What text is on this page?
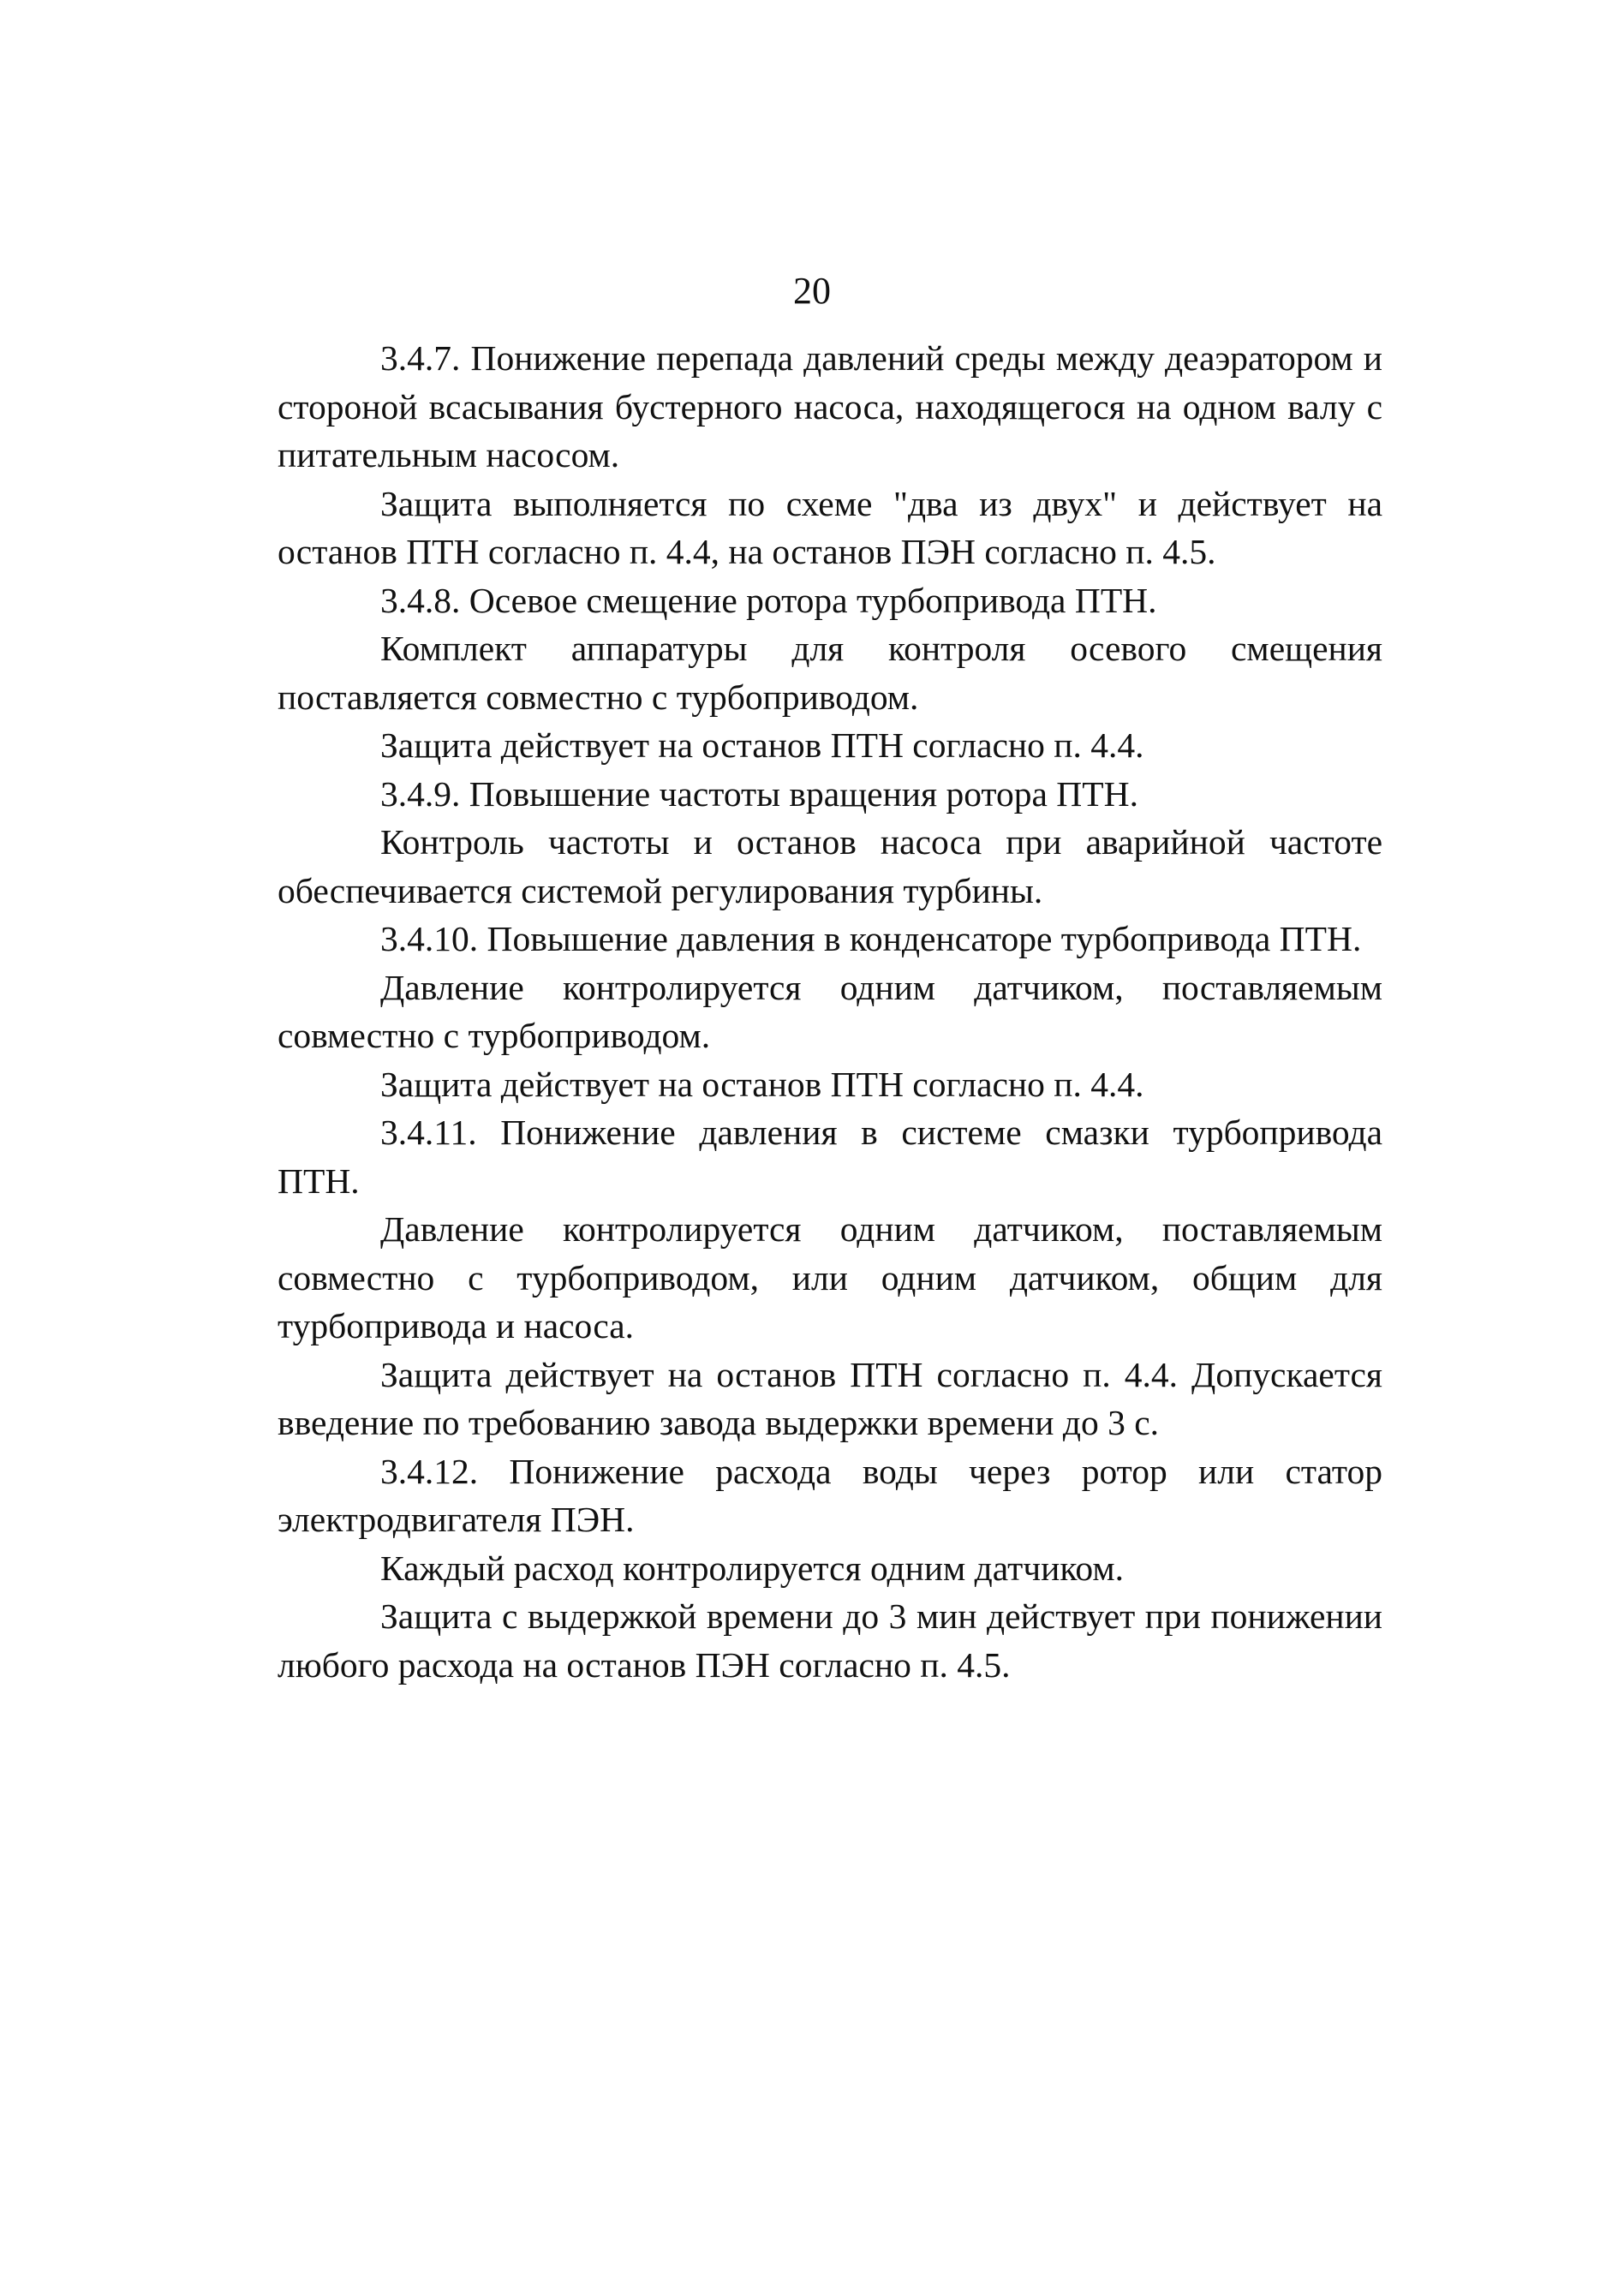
20

3.4.7. Понижение перепада давлений среды между деаэратором и стороной всасывания бустерного насоса, находящегося на одном валу с питательным насосом.

Защита выполняется по схеме "два из двух" и действует на останов ПТН согласно п. 4.4, на останов ПЭН согласно п. 4.5.

3.4.8. Осевое смещение ротора турбопривода ПТН.

Комплект аппаратуры для контроля осевого смещения поставляется совместно с турбоприводом.

Защита действует на останов ПТН согласно п. 4.4.

3.4.9. Повышение частоты вращения ротора ПТН.

Контроль частоты и останов насоса при аварийной частоте обеспечивается системой регулирования турбины.

3.4.10. Повышение давления в конденсаторе турбопривода ПТН.

Давление контролируется одним датчиком, поставляемым совместно с турбоприводом.

Защита действует на останов ПТН согласно п. 4.4.

3.4.11. Понижение давления в системе смазки турбопривода ПТН.

Давление контролируется одним датчиком, поставляемым совместно с турбоприводом, или одним датчиком, общим для турбопривода и насоса.

Защита действует на останов ПТН согласно п. 4.4. Допускается введение по требованию завода выдержки времени до 3 с.

3.4.12. Понижение расхода воды через ротор или статор электродвигателя ПЭН.

Каждый расход контролируется одним датчиком.

Защита с выдержкой времени до 3 мин действует при понижении любого расхода на останов ПЭН согласно п. 4.5.
